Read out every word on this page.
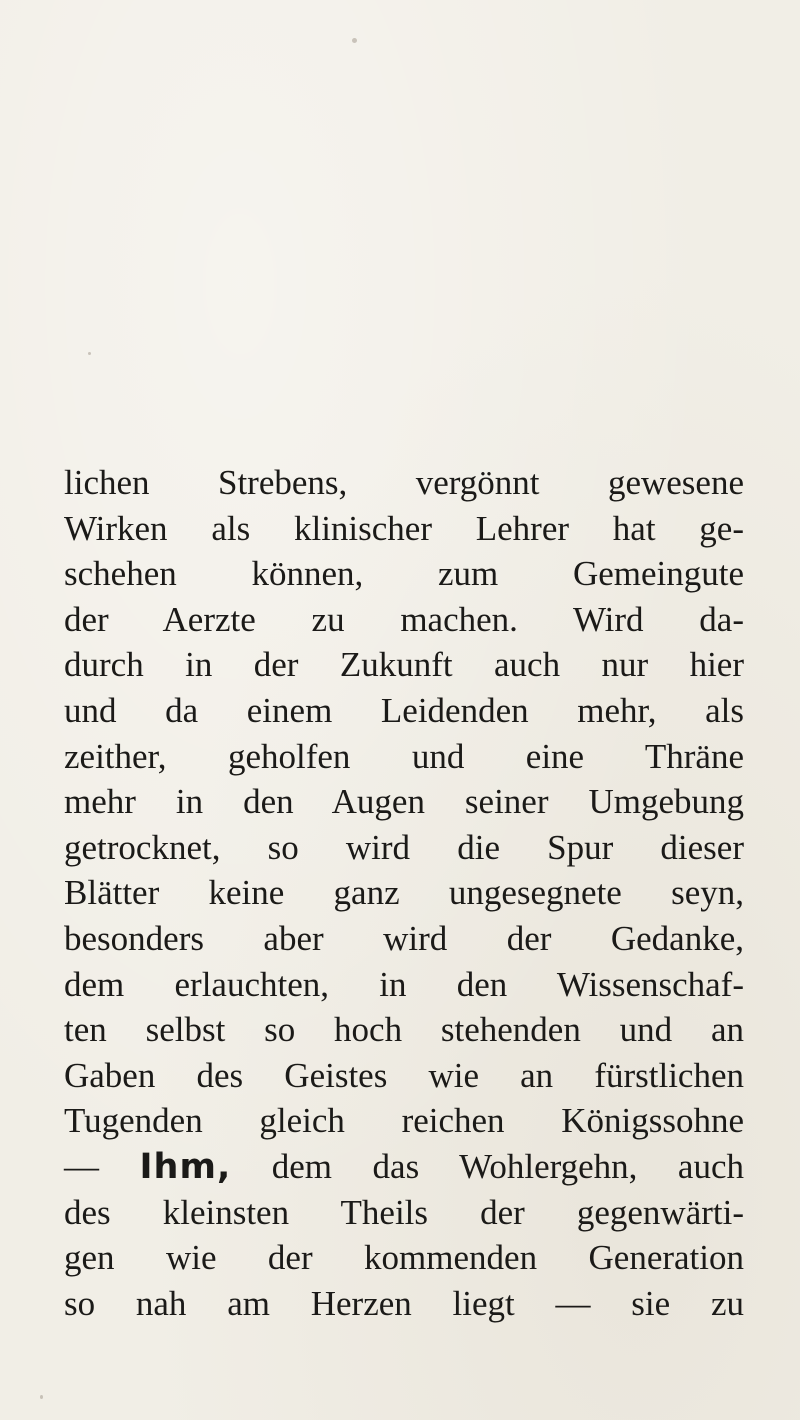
lichen Strebens, vergönnt gewesene
Wirken als klinischer Lehrer hat ge-
schehen können, zum Gemeingute
der Aerzte zu machen. Wird da-
durch in der Zukunft auch nur hier
und da einem Leidenden mehr, als
zeither, geholfen und eine Thräne
mehr in den Augen seiner Umgebung
getrocknet, so wird die Spur dieser
Blätter keine ganz ungesegnete seyn,
besonders aber wird der Gedanke,
dem erlauchten, in den Wissenschaf-
ten selbst so hoch stehenden und an
Gaben des Geistes wie an fürstlichen
Tugenden gleich reichen Königssohne
— Ihm, dem das Wohlergehn, auch
des kleinsten Theils der gegenwärti-
gen wie der kommenden Generation
so nah am Herzen liegt — sie zu
